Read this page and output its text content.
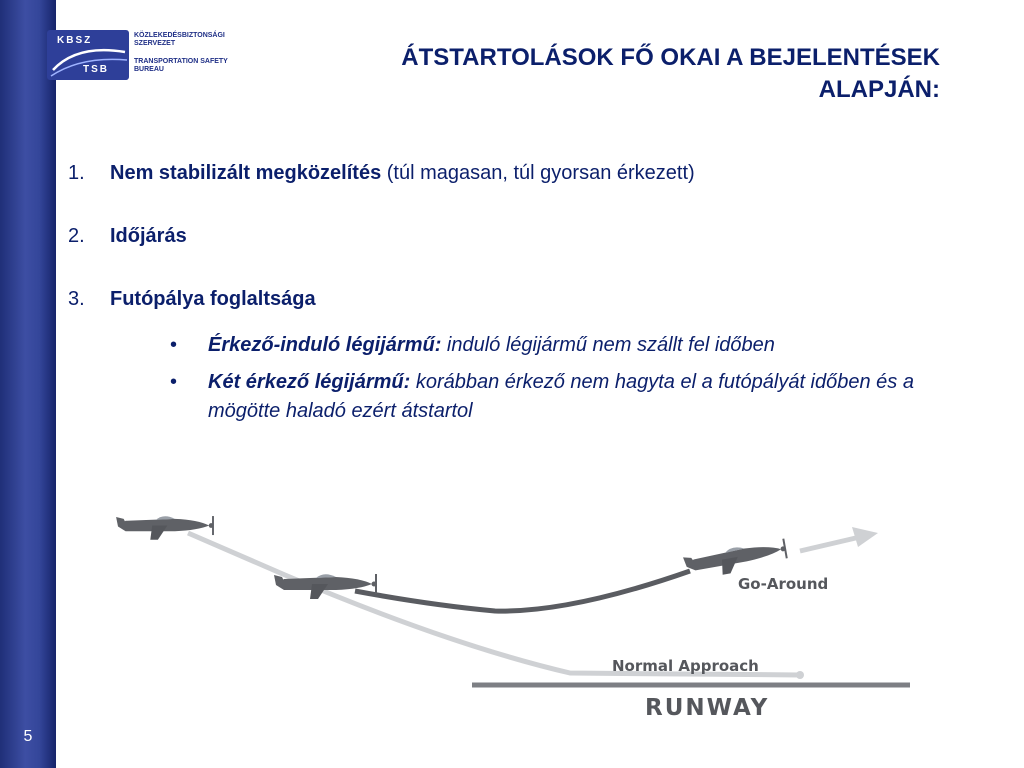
5
KBSZ
TSB
KÖZLEKEDÉSBIZTONSÁGI
SZERVEZET
TRANSPORTATION SAFETY
BUREAU	ÁTSTARTOLÁSOK FŐ OKAI A BEJELENTÉSEK
ALAPJÁN:
1. Nem stabilizált megközelítés (túl magasan, túl gyorsan érkezett)
2. Időjárás
3. Futópálya foglaltsága
• Érkező-induló légijármű: induló légijármű nem szállt fel időben
• Két érkező légijármű: korábban érkező nem hagyta el a futópályát időben és a mögötte haladó ezért átstartol
Go-Around
Normal Approach
RUNWAY
